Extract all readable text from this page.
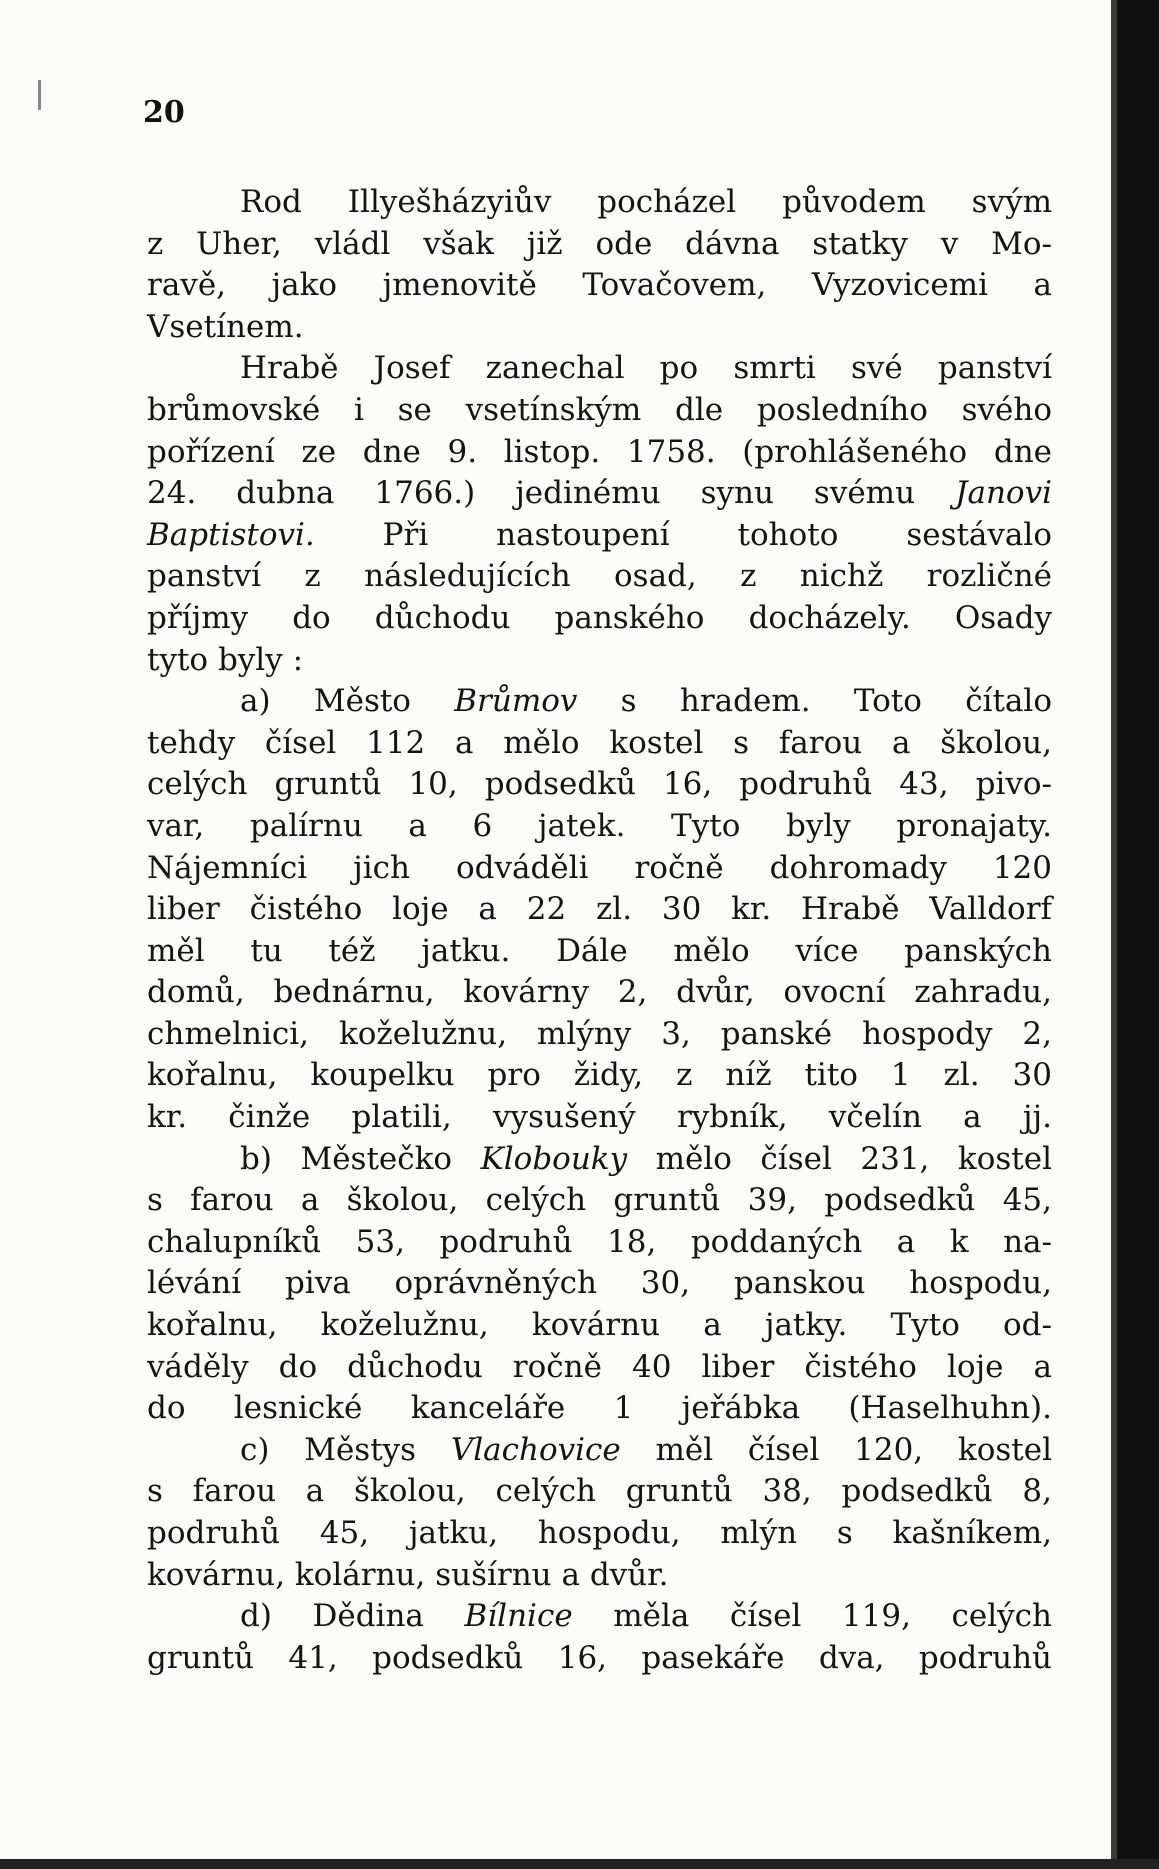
20

Rod Illyešházyiův pocházel původem svým
z Uher, vládl však již ode dávna statky v Mo-
ravě, jako jmenovitě Tovačovem, Vyzovicemi a
Vsetínem.
Hrabě Josef zanechal po smrti své panství
brůmovské i se vsetínským dle posledního svého
pořízení ze dne 9. listop. 1758. (prohlášeného dne
24. dubna 1766.) jedinému synu svému Janovi
Baptistovi. Při nastoupení tohoto sestávalo
panství z následujících osad, z nichž rozličné
příjmy do důchodu panského docházely. Osady
tyto byly :
a) Město Brůmov s hradem. Toto čítalo
tehdy čísel 112 a mělo kostel s farou a školou,
celých gruntů 10, podsedků 16, podruhů 43, pivo-
var, palírnu a 6 jatek. Tyto byly pronajaty.
Nájemníci jich odváděli ročně dohromady 120
liber čistého loje a 22 zl. 30 kr. Hrabě Valldorf
měl tu též jatku. Dále mělo více panských
domů, bednárnu, kovárny 2, dvůr, ovocní zahradu,
chmelnici, koželužnu, mlýny 3, panské hospody 2,
kořalnu, koupelku pro židy, z níž tito 1 zl. 30
kr. činže platili, vysušený rybník, včelín a jj.
b) Městečko Klobouky mělo čísel 231, kostel
s farou a školou, celých gruntů 39, podsedků 45,
chalupníků 53, podruhů 18, poddaných a k na-
lévání piva oprávněných 30, panskou hospodu,
kořalnu, koželužnu, kovárnu a jatky. Tyto od-
váděly do důchodu ročně 40 liber čistého loje a
do lesnické kanceláře 1 jeřábka (Haselhuhn).
c) Městys Vlachovice měl čísel 120, kostel
s farou a školou, celých gruntů 38, podsedků 8,
podruhů 45, jatku, hospodu, mlýn s kašníkem,
kovárnu, kolárnu, sušírnu a dvůr.
d) Dědina Bílnice měla čísel 119, celých
gruntů 41, podsedků 16, pasekáře dva, podruhů
